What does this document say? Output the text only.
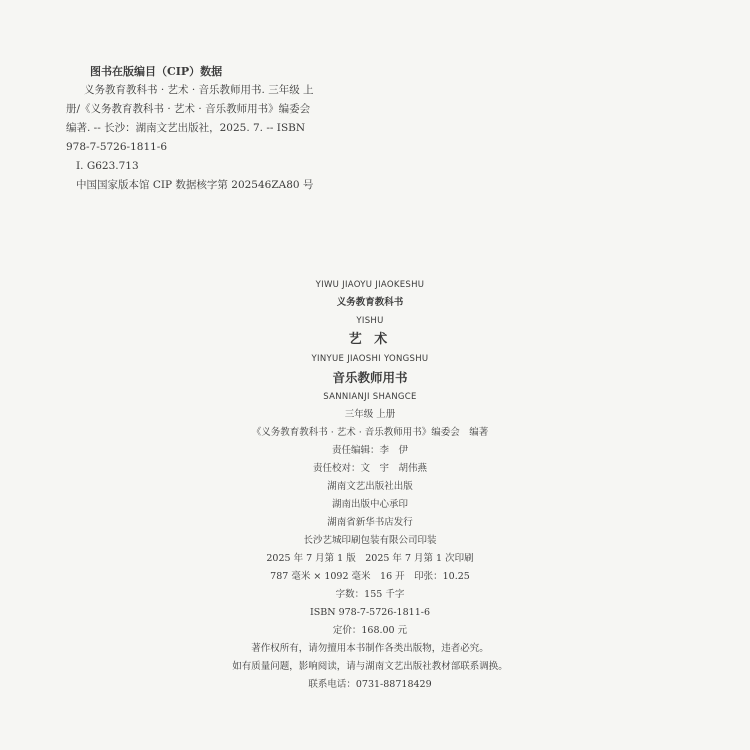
图书在版编目（CIP）数据
义务教育教科书 · 艺术 · 音乐教师用书. 三年级 上
册/《义务教育教科书 · 艺术 · 音乐教师用书》编委会
编著. -- 长沙：湖南文艺出版社，2025. 7. -- ISBN
978-7-5726-1811-6
Ⅰ. G623.713
中国国家版本馆 CIP 数据核字第 202546ZA80 号
YIWU JIAOYU JIAOKESHU
义务教育教科书
YISHU
艺 术
YINYUE JIAOSHI YONGSHU
音乐教师用书
SANNIANJI SHANGCE
三年级 上册
《义务教育教科书 · 艺术 · 音乐教师用书》编委会　编著
责任编辑：李　伊
责任校对：文　宇　胡伟燕
湖南文艺出版社出版
湖南出版中心承印
湖南省新华书店发行
长沙艺城印刷包装有限公司印装
2025 年 7 月第 1 版　2025 年 7 月第 1 次印刷
787 毫米 × 1092 毫米　16 开　印张：10.25
字数：155 千字
ISBN 978-7-5726-1811-6
定价：168.00 元
著作权所有，请勿擅用本书制作各类出版物，违者必究。
如有质量问题，影响阅读，请与湖南文艺出版社教材部联系调换。
联系电话：0731-88718429
